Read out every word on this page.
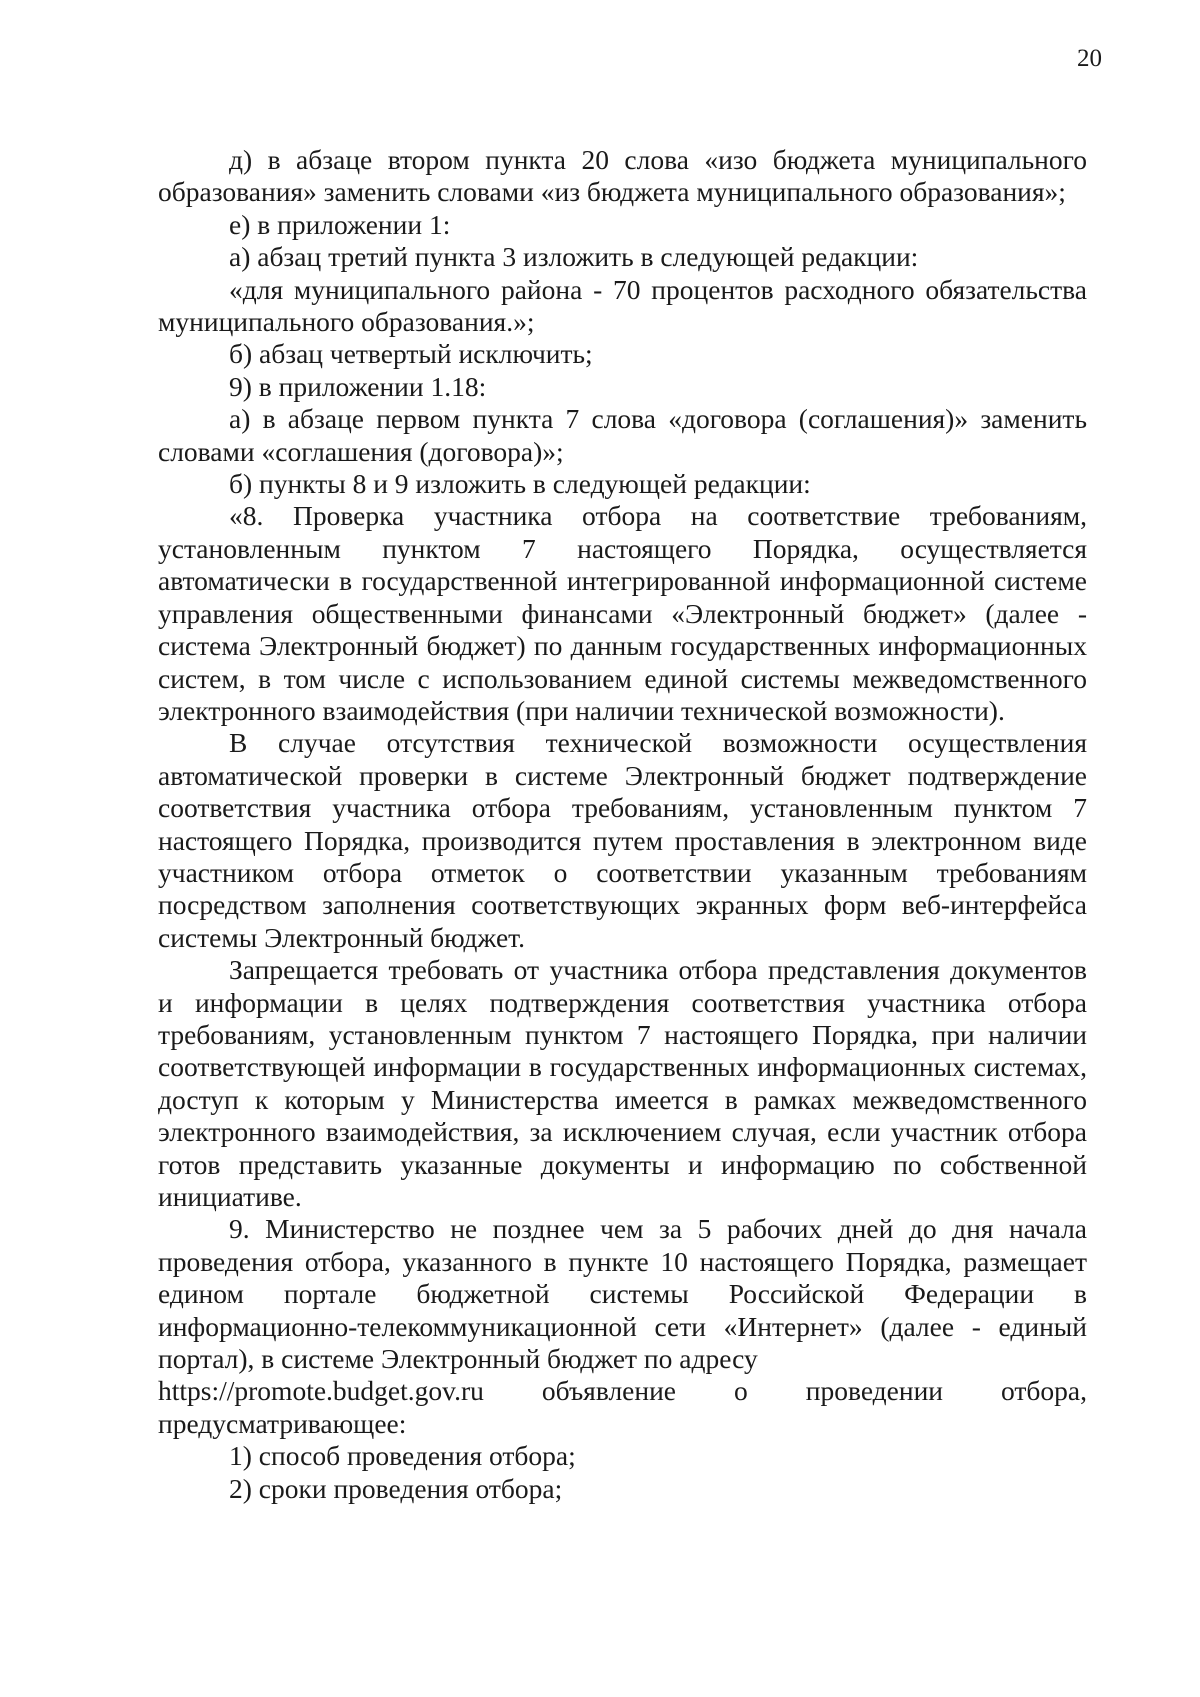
20

д) в абзаце втором пункта 20 слова «изо бюджета муниципального образования» заменить словами «из бюджета муниципального образования»;

е) в приложении 1:

а) абзац третий пункта 3 изложить в следующей редакции:

«для муниципального района - 70 процентов расходного обязательства муниципального образования.»;

б) абзац четвертый исключить;

9) в приложении 1.18:

а) в абзаце первом пункта 7 слова «договора (соглашения)» заменить словами «соглашения (договора)»;

б) пункты 8 и 9 изложить в следующей редакции:

«8. Проверка участника отбора на соответствие требованиям, установленным пунктом 7 настоящего Порядка, осуществляется автоматически в государственной интегрированной информационной системе управления общественными финансами «Электронный бюджет» (далее - система Электронный бюджет) по данным государственных информационных систем, в том числе с использованием единой системы межведомственного электронного взаимодействия (при наличии технической возможности).

В случае отсутствия технической возможности осуществления автоматической проверки в системе Электронный бюджет подтверждение соответствия участника отбора требованиям, установленным пунктом 7 настоящего Порядка, производится путем проставления в электронном виде участником отбора отметок о соответствии указанным требованиям посредством заполнения соответствующих экранных форм веб-интерфейса системы Электронный бюджет.

Запрещается требовать от участника отбора представления документов и информации в целях подтверждения соответствия участника отбора требованиям, установленным пунктом 7 настоящего Порядка, при наличии соответствующей информации в государственных информационных системах, доступ к которым у Министерства имеется в рамках межведомственного электронного взаимодействия, за исключением случая, если участник отбора готов представить указанные документы и информацию по собственной инициативе.

9. Министерство не позднее чем за 5 рабочих дней до дня начала проведения отбора, указанного в пункте 10 настоящего Порядка, размещает едином портале бюджетной системы Российской Федерации в информационно-телекоммуникационной сети «Интернет» (далее - единый портал), в системе Электронный бюджет по адресу

https://promote.budget.gov.ru объявление о проведении отбора,

предусматривающее:

1) способ проведения отбора;

2) сроки проведения отбора;
